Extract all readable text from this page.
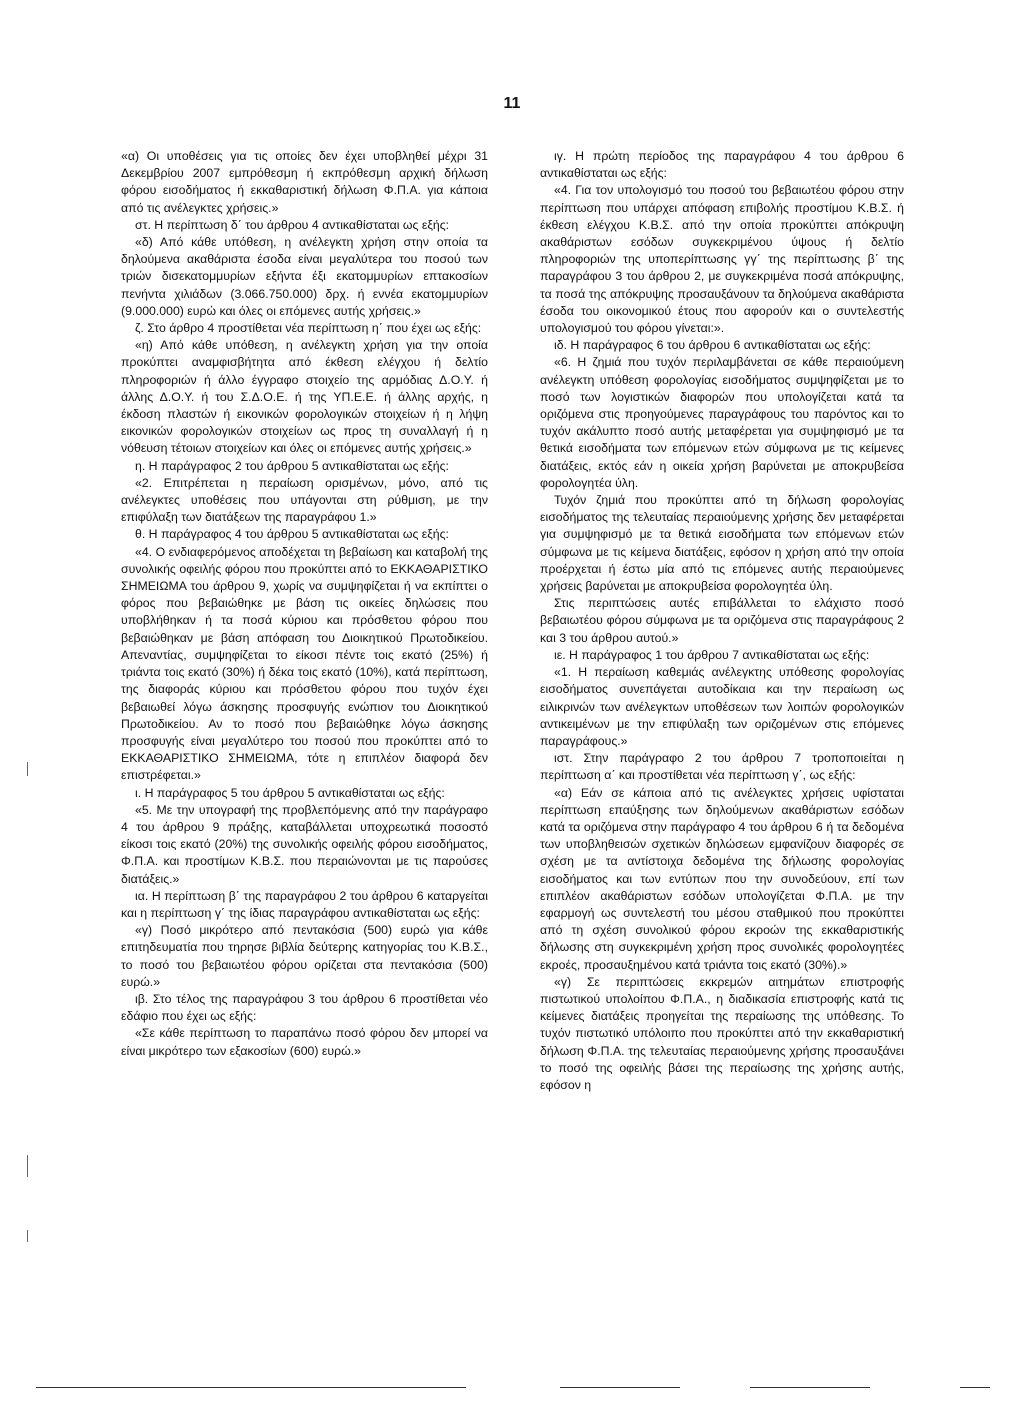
11

«α) Οι υποθέσεις για τις οποίες δεν έχει υποβληθεί μέχρι 31 Δεκεμβρίου 2007 εμπρόθεσμη ή εκπρόθεσμη αρχική δήλωση φόρου εισοδήματος ή εκκαθαριστική δήλωση Φ.Π.Α. για κάποια από τις ανέλεγκτες χρήσεις.»

στ. Η περίπτωση δ΄ του άρθρου 4 αντικαθίσταται ως εξής:

«δ) Από κάθε υπόθεση, η ανέλεγκτη χρήση στην οποία τα δηλούμενα ακαθάριστα έσοδα είναι μεγαλύτερα του ποσού των τριών δισεκατομμυρίων εξήντα έξι εκατομμυρίων επτακοσίων πενήντα χιλιάδων (3.066.750.000) δρχ. ή εννέα εκατομμυρίων (9.000.000) ευρώ και όλες οι επόμενες αυτής χρήσεις.»

ζ. Στο άρθρο 4 προστίθεται νέα περίπτωση η΄ που έχει ως εξής:

«η) Από κάθε υπόθεση, η ανέλεγκτη χρήση για την οποία προκύπτει αναμφισβήτητα από έκθεση ελέγχου ή δελτίο πληροφοριών ή άλλο έγγραφο στοιχείο της αρμόδιας Δ.Ο.Υ. ή άλλης Δ.Ο.Υ. ή του Σ.Δ.Ο.Ε. ή της ΥΠ.Ε.Ε. ή άλλης αρχής, η έκδοση πλαστών ή εικονικών φορολογικών στοιχείων ή η λήψη εικονικών φορολογικών στοιχείων ως προς τη συναλλαγή ή η νόθευση τέτοιων στοιχείων και όλες οι επόμενες αυτής χρήσεις.»

η. Η παράγραφος 2 του άρθρου 5 αντικαθίσταται ως εξής:

«2. Επιτρέπεται η περαίωση ορισμένων, μόνο, από τις ανέλεγκτες υποθέσεις που υπάγονται στη ρύθμιση, με την επιφύλαξη των διατάξεων της παραγράφου 1.»

θ. Η παράγραφος 4 του άρθρου 5 αντικαθίσταται ως εξής:

«4. Ο ενδιαφερόμενος αποδέχεται τη βεβαίωση και καταβολή της συνολικής οφειλής φόρου που προκύπτει από το ΕΚΚΑΘΑΡΙΣΤΙΚΟ ΣΗΜΕΙΩΜΑ του άρθρου 9, χωρίς να συμψηφίζεται ή να εκπίπτει ο φόρος που βεβαιώθηκε με βάση τις οικείες δηλώσεις που υποβλήθηκαν ή τα ποσά κύριου και πρόσθετου φόρου που βεβαιώθηκαν με βάση απόφαση του Διοικητικού Πρωτοδικείου. Απεναντίας, συμψηφίζεται το είκοσι πέντε τοις εκατό (25%) ή τριάντα τοις εκατό (30%) ή δέκα τοις εκατό (10%), κατά περίπτωση, της διαφοράς κύριου και πρόσθετου φόρου που τυχόν έχει βεβαιωθεί λόγω άσκησης προσφυγής ενώπιον του Διοικητικού Πρωτοδικείου. Αν το ποσό που βεβαιώθηκε λόγω άσκησης προσφυγής είναι μεγαλύτερο του ποσού που προκύπτει από το ΕΚΚΑΘΑΡΙΣΤΙΚΟ ΣΗΜΕΙΩΜΑ, τότε η επιπλέον διαφορά δεν επιστρέφεται.»

ι. Η παράγραφος 5 του άρθρου 5 αντικαθίσταται ως εξής:

«5. Με την υπογραφή της προβλεπόμενης από την παράγραφο 4 του άρθρου 9 πράξης, καταβάλλεται υποχρεωτικά ποσοστό είκοσι τοις εκατό (20%) της συνολικής οφειλής φόρου εισοδήματος, Φ.Π.Α. και προστίμων Κ.Β.Σ. που περαιώνονται με τις παρούσες διατάξεις.»

ια. Η περίπτωση β΄ της παραγράφου 2 του άρθρου 6 καταργείται και η περίπτωση γ΄ της ίδιας παραγράφου αντικαθίσταται ως εξής:

«γ) Ποσό μικρότερο από πεντακόσια (500) ευρώ για κάθε επιτηδευματία που τηρησε βιβλία δεύτερης κατηγορίας του Κ.Β.Σ., το ποσό του βεβαιωτέου φόρου ορίζεται στα πεντακόσια (500) ευρώ.»

ιβ. Στο τέλος της παραγράφου 3 του άρθρου 6 προστίθεται νέο εδάφιο που έχει ως εξής:

«Σε κάθε περίπτωση το παραπάνω ποσό φόρου δεν μπορεί να είναι μικρότερο των εξακοσίων (600) ευρώ.»

ιγ. Η πρώτη περίοδος της παραγράφου 4 του άρθρου 6 αντικαθίσταται ως εξής:

«4. Για τον υπολογισμό του ποσού του βεβαιωτέου φόρου στην περίπτωση που υπάρχει απόφαση επιβολής προστίμου Κ.Β.Σ. ή έκθεση ελέγχου Κ.Β.Σ. από την οποία προκύπτει απόκρυψη ακαθάριστων εσόδων συγκεκριμένου ύψους ή δελτίο πληροφοριών της υποπερίπτωσης γγ΄ της περίπτωσης β΄ της παραγράφου 3 του άρθρου 2, με συγκεκριμένα ποσά απόκρυψης, τα ποσά της απόκρυψης προσαυξάνουν τα δηλούμενα ακαθάριστα έσοδα του οικονομικού έτους που αφορούν και ο συντελεστής υπολογισμού του φόρου γίνεται:».

ιδ. Η παράγραφος 6 του άρθρου 6 αντικαθίσταται ως εξής:

«6. Η ζημιά που τυχόν περιλαμβάνεται σε κάθε περαιούμενη ανέλεγκτη υπόθεση φορολογίας εισοδήματος συμψηφίζεται με το ποσό των λογιστικών διαφορών που υπολογίζεται κατά τα οριζόμενα στις προηγούμενες παραγράφους του παρόντος και το τυχόν ακάλυπτο ποσό αυτής μεταφέρεται για συμψηφισμό με τα θετικά εισοδήματα των επόμενων ετών σύμφωνα με τις κείμενες διατάξεις, εκτός εάν η οικεία χρήση βαρύνεται με αποκρυβείσα φορολογητέα ύλη.

Τυχόν ζημιά που προκύπτει από τη δήλωση φορολογίας εισοδήματος της τελευταίας περαιούμενης χρήσης δεν μεταφέρεται για συμψηφισμό με τα θετικά εισοδήματα των επόμενων ετών σύμφωνα με τις κείμενα διατάξεις, εφόσον η χρήση από την οποία προέρχεται ή έστω μία από τις επόμενες αυτής περαιούμενες χρήσεις βαρύνεται με αποκρυβείσα φορολογητέα ύλη.

Στις περιπτώσεις αυτές επιβάλλεται το ελάχιστο ποσό βεβαιωτέου φόρου σύμφωνα με τα οριζόμενα στις παραγράφους 2 και 3 του άρθρου αυτού.»

ιε. Η παράγραφος 1 του άρθρου 7 αντικαθίσταται ως εξής:

«1. Η περαίωση καθεμιάς ανέλεγκτης υπόθεσης φορολογίας εισοδήματος συνεπάγεται αυτοδίκαια και την περαίωση ως ειλικρινών των ανέλεγκτων υποθέσεων των λοιπών φορολογικών αντικειμένων με την επιφύλαξη των οριζομένων στις επόμενες παραγράφους.»

ιστ. Στην παράγραφο 2 του άρθρου 7 τροποποιείται η περίπτωση α΄ και προστίθεται νέα περίπτωση γ΄, ως εξής:

«α) Εάν σε κάποια από τις ανέλεγκτες χρήσεις υφίσταται περίπτωση επαύξησης των δηλούμενων ακαθάριστων εσόδων κατά τα οριζόμενα στην παράγραφο 4 του άρθρου 6 ή τα δεδομένα των υποβληθεισών σχετικών δηλώσεων εμφανίζουν διαφορές σε σχέση με τα αντίστοιχα δεδομένα της δήλωσης φορολογίας εισοδήματος και των εντύπων που την συνοδεύουν, επί των επιπλέον ακαθάριστων εσόδων υπολογίζεται Φ.Π.Α. με την εφαρμογή ως συντελεστή του μέσου σταθμικού που προκύπτει από τη σχέση συνολικού φόρου εκροών της εκκαθαριστικής δήλωσης στη συγκεκριμένη χρήση προς συνολικές φορολογητέες εκροές, προσαυξημένου κατά τριάντα τοις εκατό (30%).»

«γ) Σε περιπτώσεις εκκρεμών αιτημάτων επιστροφής πιστωτικού υπολοίπου Φ.Π.Α., η διαδικασία επιστροφής κατά τις κείμενες διατάξεις προηγείται της περαίωσης της υπόθεσης. Το τυχόν πιστωτικό υπόλοιπο που προκύπτει από την εκκαθαριστική δήλωση Φ.Π.Α. της τελευταίας περαιούμενης χρήσης προσαυξάνει το ποσό της οφειλής βάσει της περαίωσης της χρήσης αυτής, εφόσον η
